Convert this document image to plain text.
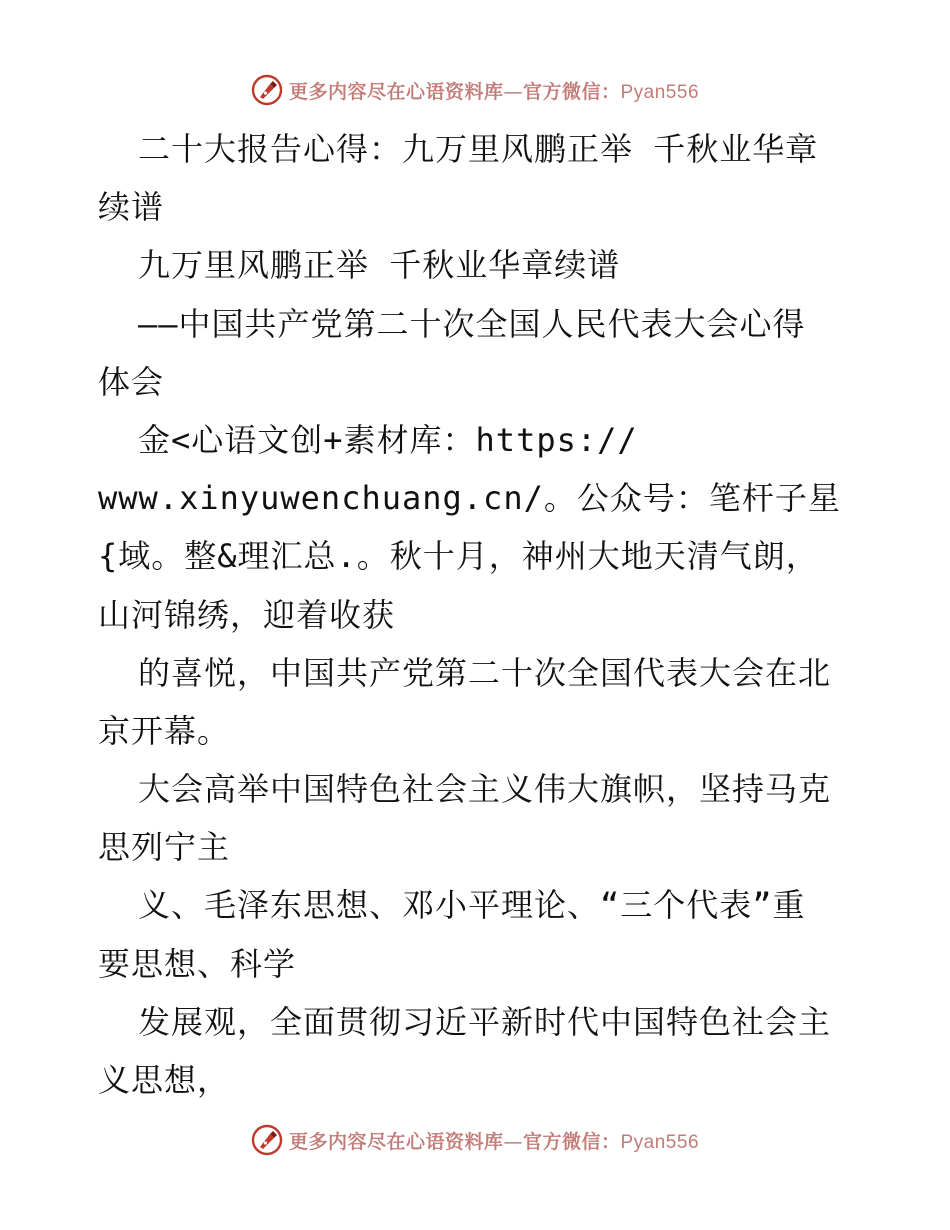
更多内容尽在心语资料库—官方微信：Pyan556
二十大报告心得：九万里风鹏正举 千秋业华章
续谱
九万里风鹏正举 千秋业华章续谱
——中国共产党第二十次全国人民代表大会心得
体会
金<心语文创+素材库：https://
www.xinyuwenchuang.cn/。公众号：笔杆子星
{域。整&理汇总.。秋十月，神州大地天清气朗，
山河锦绣，迎着收获
的喜悦，中国共产党第二十次全国代表大会在北
京开幕。
大会高举中国特色社会主义伟大旗帜，坚持马克
思列宁主
义、毛泽东思想、邓小平理论、“三个代表”重
要思想、科学
发展观，全面贯彻习近平新时代中国特色社会主
义思想，
更多内容尽在心语资料库—官方微信：Pyan556
